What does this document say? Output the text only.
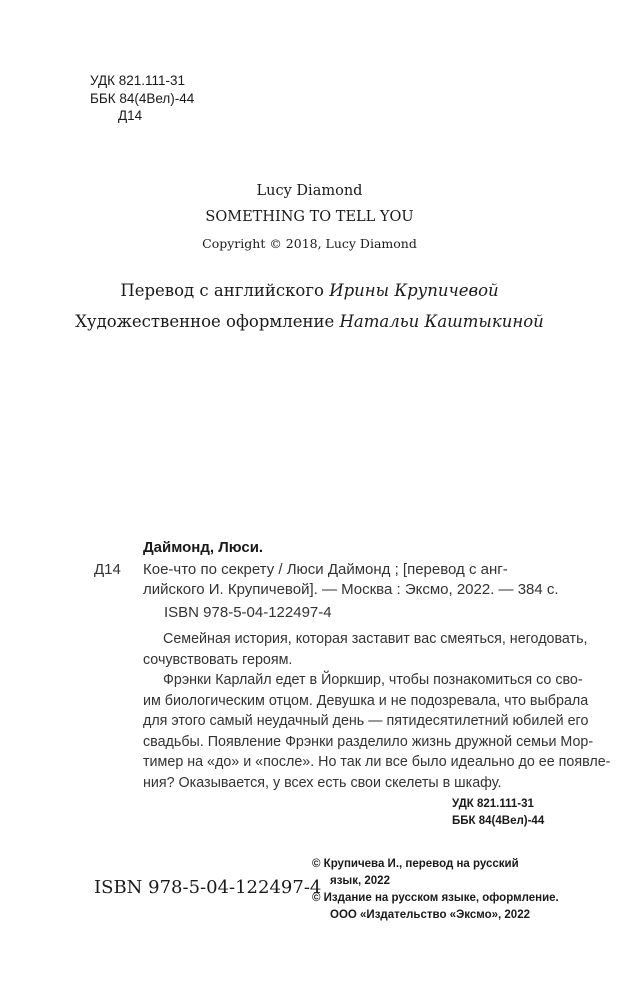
УДК 821.111-31

ББК 84(4Вел)-44

Д14

Lucy Diamond

SOMETHING TO TELL YOU

Copyright © 2018, Lucy Diamond

Перевод с английского Ирины Крупичевой

Художественное оформление Натальи Каштыкиной

Даймонд, Люси.

Д14 Кое-что по секрету / Люси Даймонд ; [перевод с анг-

лийского И. Крупичевой]. — Москва : Эксмо, 2022. — 384 с.

ISBN 978-5-04-122497-4

Семейная история, которая заставит вас смеяться, негодовать,
сочувствовать героям.
Фрэнки Карлайл едет в Йоркшир, чтобы познакомиться со сво-
им биологическим отцом. Девушка и не подозревала, что выбрала
для этого самый неудачный день — пятидесятилетний юбилей его
свадьбы. Появление Фрэнки разделило жизнь дружной семьи Мор-
тимер на «до» и «после». Но так ли все было идеально до ее появле-
ния? Оказывается, у всех есть свои скелеты в шкафу.

УДК 821.111-31

ББК 84(4Вел)-44

© Крупичева И., перевод на русский

язык, 2022

© Издание на русском языке, оформление.

ООО «Издательство «Эксмо», 2022

ISBN 978-5-04-122497-4
